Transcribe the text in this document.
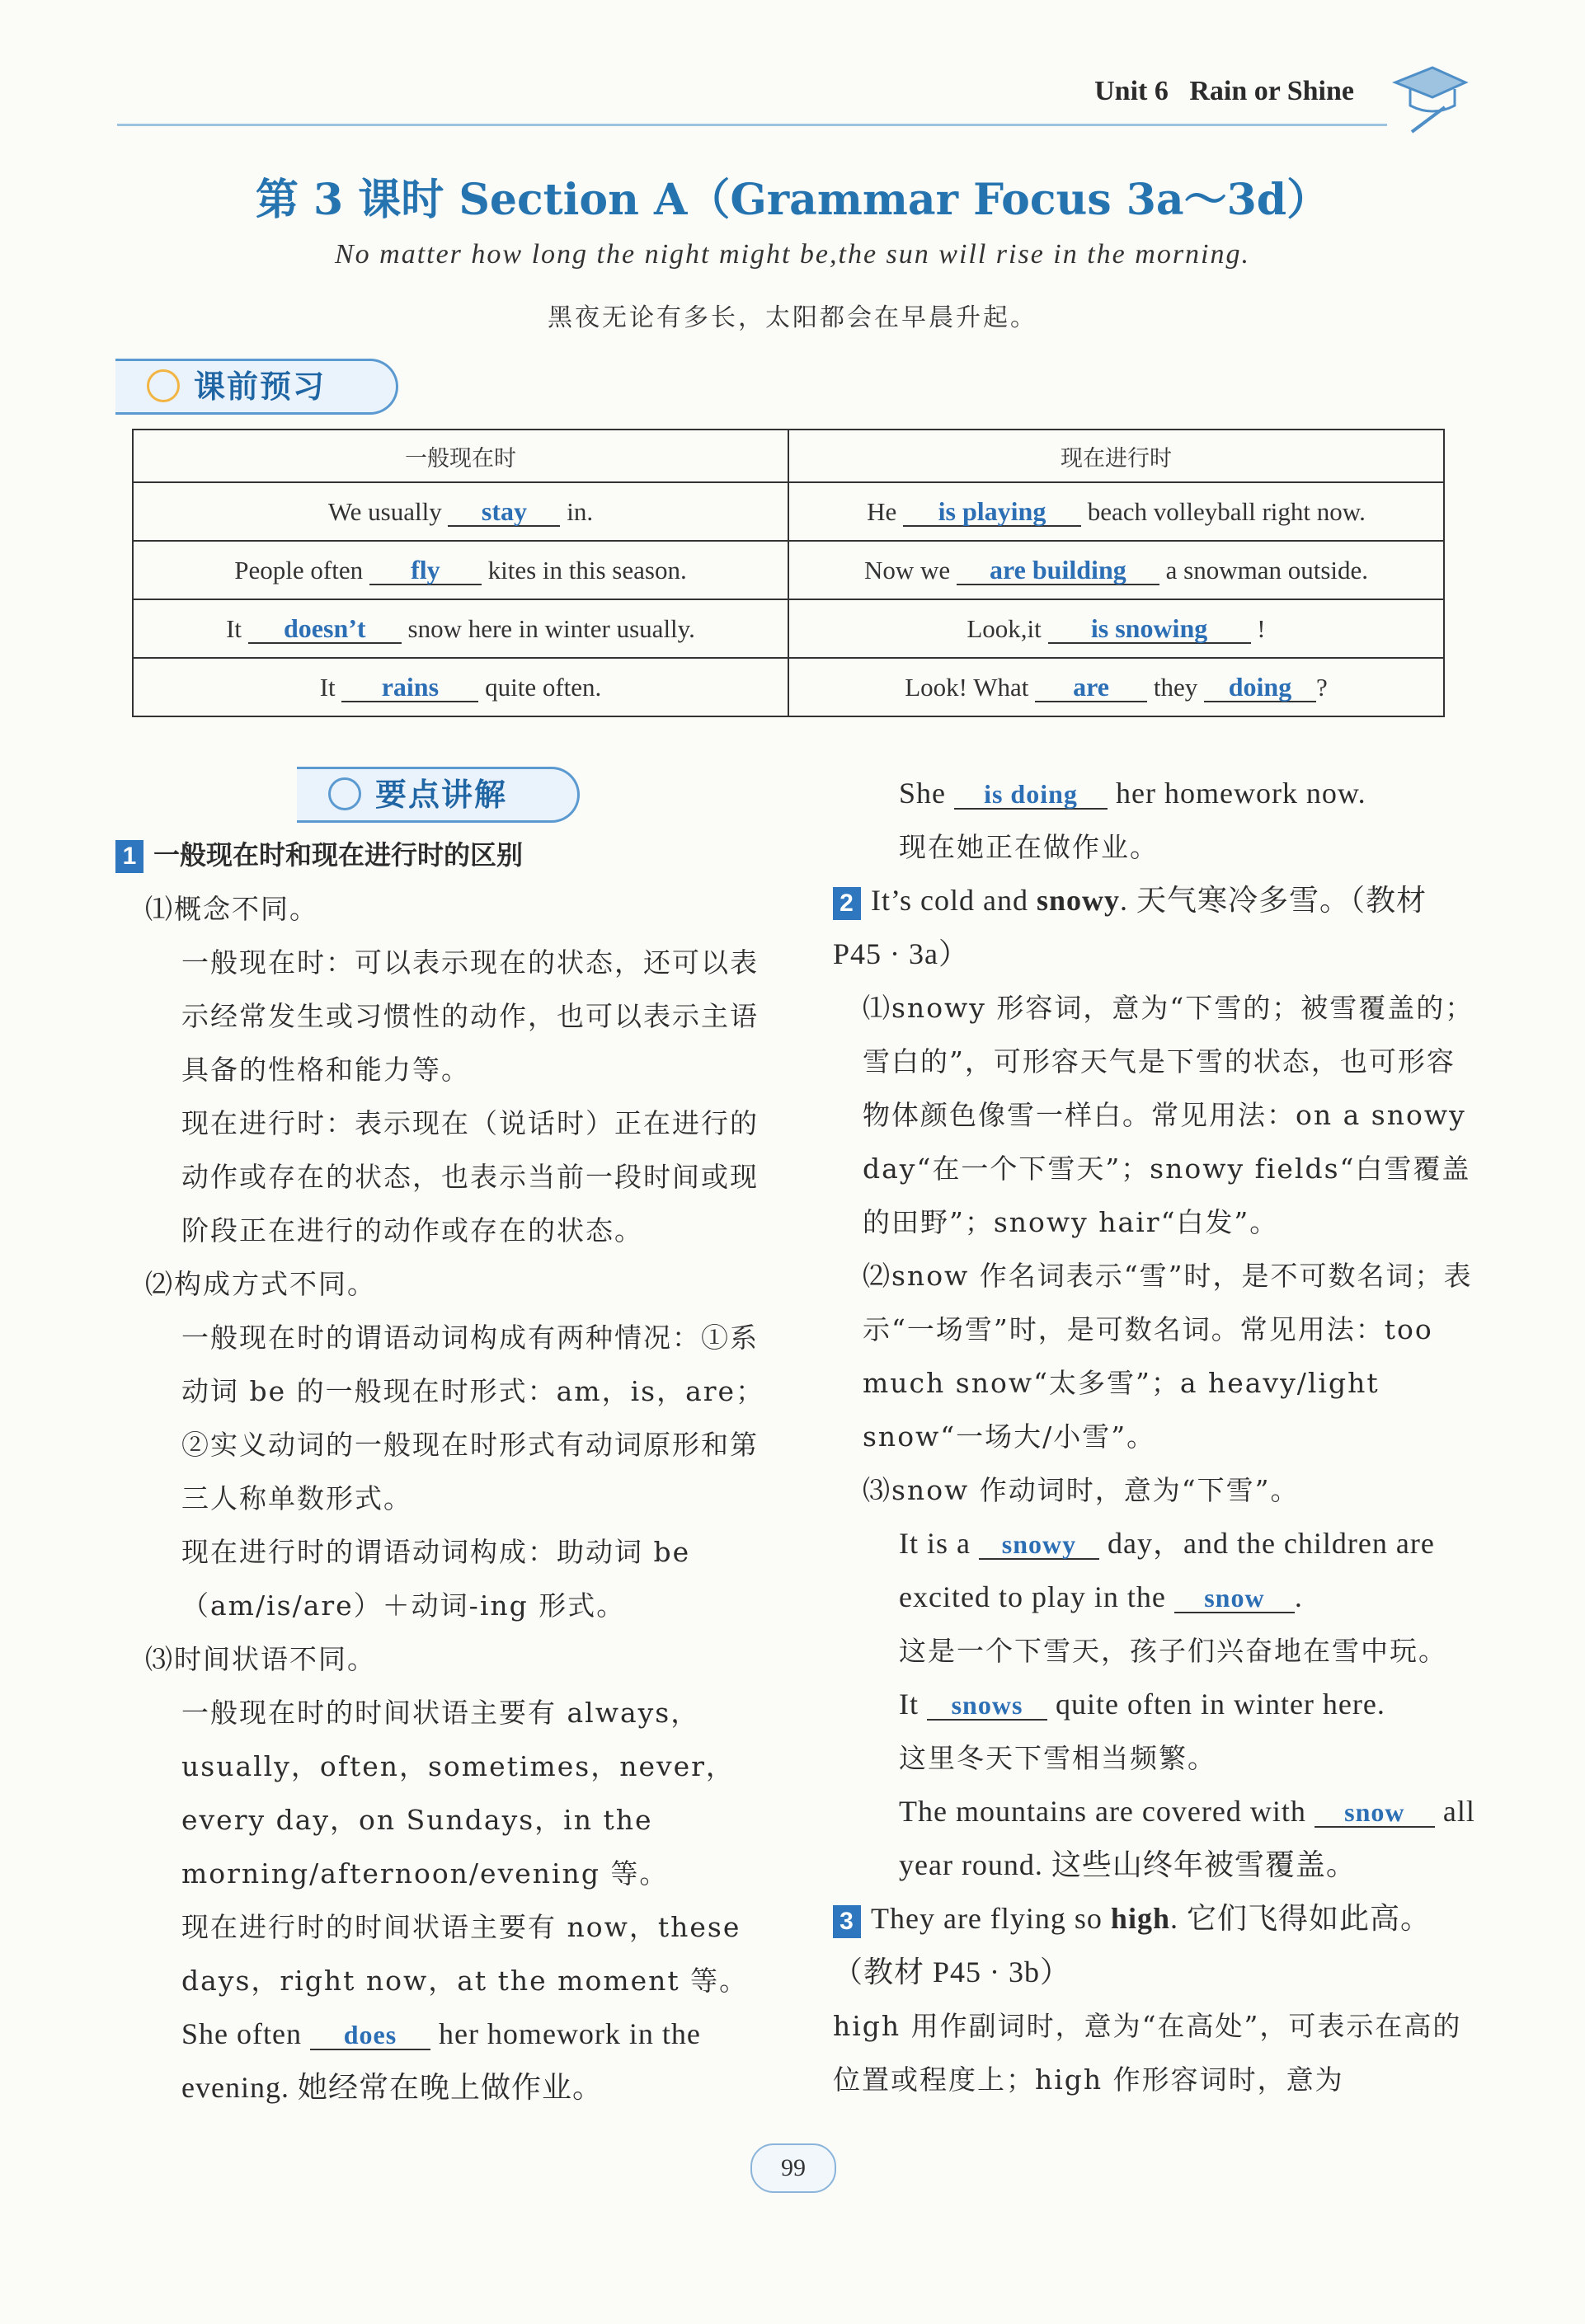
Unit 6 Rain or Shine
第 3 课时 Section A（Grammar Focus 3a～3d）
No matter how long the night might be,the sun will rise in the morning.
黑夜无论有多长，太阳都会在早晨升起。
课前预习
一般现在时	现在进行时
We usually stay in.	He is playing beach volleyball right now.
People often fly kites in this season.	Now we are building a snowman outside.
It doesn’t snow here in winter usually.	Look,it is snowing !
It rains quite often.	Look! What are they doing ?
要点讲解

1 一般现在时和现在进行时的区别

⑴概念不同。

一般现在时：可以表示现在的状态，还可以表示经常发生或习惯性的动作，也可以表示主语具备的性格和能力等。

现在进行时：表示现在（说话时）正在进行的动作或存在的状态，也表示当前一段时间或现阶段正在进行的动作或存在的状态。

⑵构成方式不同。

一般现在时的谓语动词构成有两种情况：①系动词 be 的一般现在时形式：am，is，are；②实义动词的一般现在时形式有动词原形和第三人称单数形式。

现在进行时的谓语动词构成：助动词 be（am/is/are）＋动词-ing 形式。

⑶时间状语不同。

一般现在时的时间状语主要有 always，usually，often，sometimes，never，every day，on Sundays，in the morning/afternoon/evening 等。

现在进行时的时间状语主要有 now，these days，right now，at the moment 等。

She often does her homework in the evening. 她经常在晚上做作业。

She is doing her homework now.

现在她正在做作业。

2 It’s cold and snowy. 天气寒冷多雪。（教材 P45 · 3a）

⑴snowy 形容词，意为“下雪的；被雪覆盖的；雪白的”，可形容天气是下雪的状态，也可形容物体颜色像雪一样白。常见用法：on a snowy day“在一个下雪天”；snowy fields“白雪覆盖的田野”；snowy hair“白发”。

⑵snow 作名词表示“雪”时，是不可数名词；表示“一场雪”时，是可数名词。常见用法：too much snow“太多雪”；a heavy/light snow“一场大/小雪”。

⑶snow 作动词时，意为“下雪”。

It is a snowy day，and the children are excited to play in the snow .

这是一个下雪天，孩子们兴奋地在雪中玩。

It snows quite often in winter here.

这里冬天下雪相当频繁。

The mountains are covered with snow all year round. 这些山终年被雪覆盖。

3 They are flying so high. 它们飞得如此高。（教材 P45 · 3b）

high 用作副词时，意为“在高处”，可表示在高的位置或程度上；high 作形容词时，意为

99
